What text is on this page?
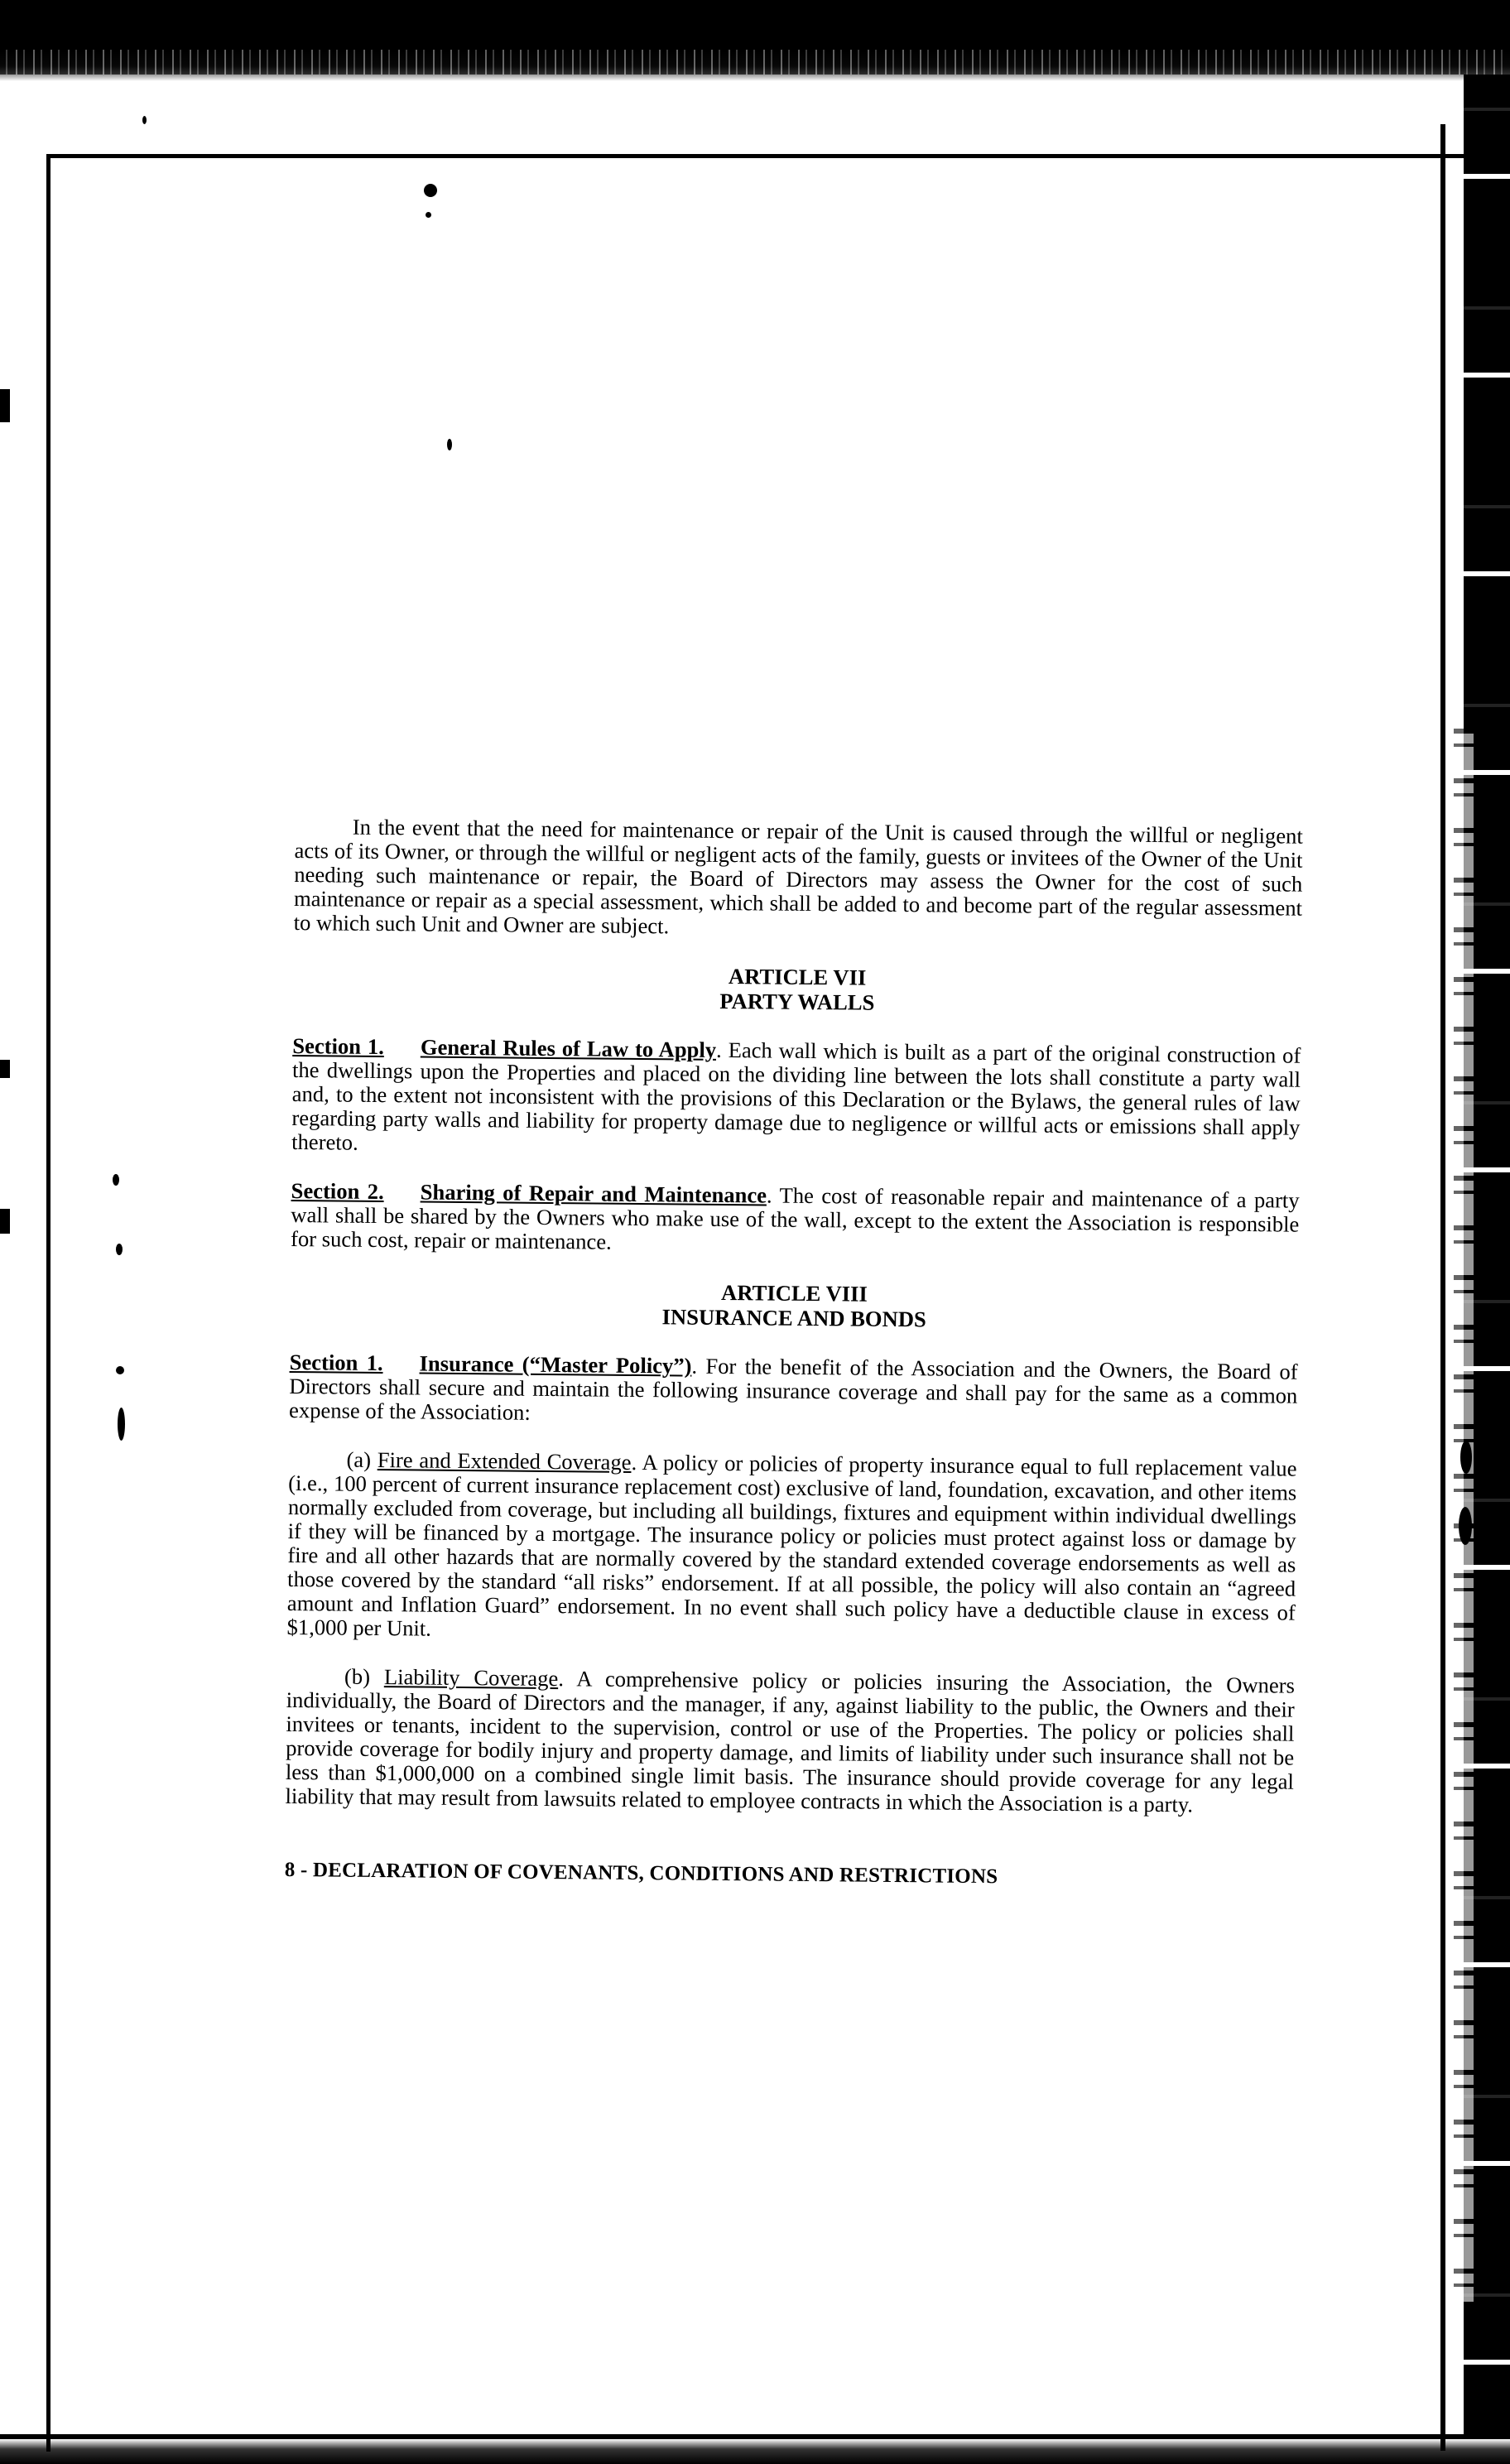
In the event that the need for maintenance or repair of the Unit is caused through the willful or negligent acts of its Owner, or through the willful or negligent acts of the family, guests or invitees of the Owner of the Unit needing such maintenance or repair, the Board of Directors may assess the Owner for the cost of such maintenance or repair as a special assessment, which shall be added to and become part of the regular assessment to which such Unit and Owner are subject.

ARTICLE VII
PARTY WALLS

Section 1. General Rules of Law to Apply. Each wall which is built as a part of the original construction of the dwellings upon the Properties and placed on the dividing line between the lots shall constitute a party wall and, to the extent not inconsistent with the provisions of this Declaration or the Bylaws, the general rules of law regarding party walls and liability for property damage due to negligence or willful acts or emissions shall apply thereto.

Section 2. Sharing of Repair and Maintenance. The cost of reasonable repair and maintenance of a party wall shall be shared by the Owners who make use of the wall, except to the extent the Association is responsible for such cost, repair or maintenance.

ARTICLE VIII
INSURANCE AND BONDS

Section 1. Insurance (“Master Policy”). For the benefit of the Association and the Owners, the Board of Directors shall secure and maintain the following insurance coverage and shall pay for the same as a common expense of the Association:

(a) Fire and Extended Coverage. A policy or policies of property insurance equal to full replacement value (i.e., 100 percent of current insurance replacement cost) exclusive of land, foundation, excavation, and other items normally excluded from coverage, but including all buildings, fixtures and equipment within individual dwellings if they will be financed by a mortgage. The insurance policy or policies must protect against loss or damage by fire and all other hazards that are normally covered by the standard extended coverage endorsements as well as those covered by the standard “all risks” endorsement. If at all possible, the policy will also contain an “agreed amount and Inflation Guard” endorsement. In no event shall such policy have a deductible clause in excess of $1,000 per Unit.

(b) Liability Coverage. A comprehensive policy or policies insuring the Association, the Owners individually, the Board of Directors and the manager, if any, against liability to the public, the Owners and their invitees or tenants, incident to the supervision, control or use of the Properties. The policy or policies shall provide coverage for bodily injury and property damage, and limits of liability under such insurance shall not be less than $1,000,000 on a combined single limit basis. The insurance should provide coverage for any legal liability that may result from lawsuits related to employee contracts in which the Association is a party.

8 - DECLARATION OF COVENANTS, CONDITIONS AND RESTRICTIONS
